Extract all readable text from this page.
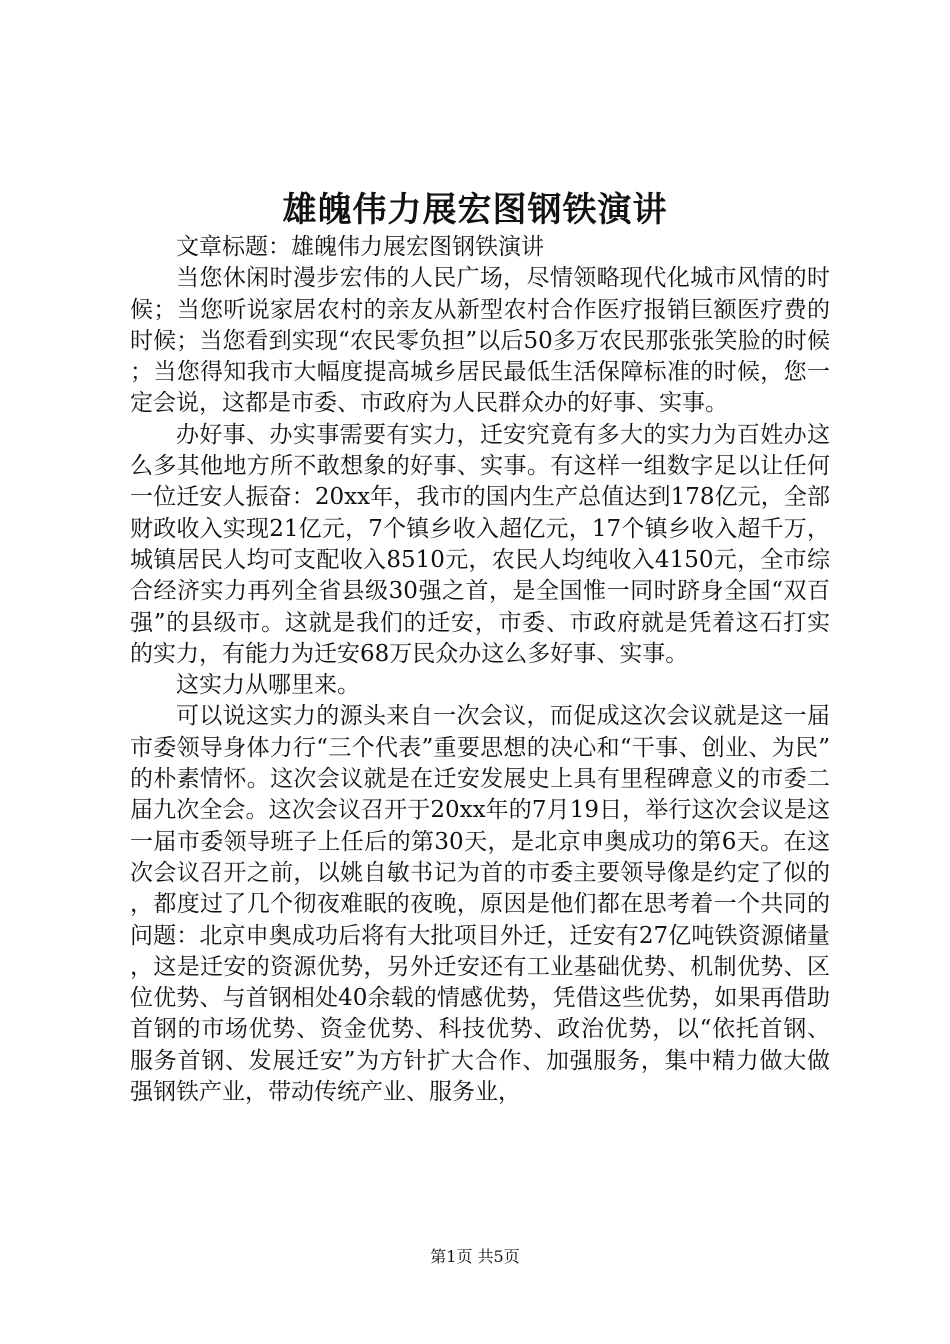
雄魄伟力展宏图钢铁演讲

文章标题：雄魄伟力展宏图钢铁演讲

当您休闲时漫步宏伟的人民广场，尽情领略现代化城市风情的时候；当您听说家居农村的亲友从新型农村合作医疗报销巨额医疗费的时候；当您看到实现“农民零负担”以后50多万农民那张张笑脸的时候；当您得知我市大幅度提高城乡居民最低生活保障标准的时候，您一定会说，这都是市委、市政府为人民群众办的好事、实事。

办好事、办实事需要有实力，迁安究竟有多大的实力为百姓办这么多其他地方所不敢想象的好事、实事。有这样一组数字足以让任何一位迁安人振奋：20xx年，我市的国内生产总值达到178亿元，全部财政收入实现21亿元，7个镇乡收入超亿元，17个镇乡收入超千万，城镇居民人均可支配收入8510元，农民人均纯收入4150元，全市综合经济实力再列全省县级30强之首，是全国惟一同时跻身全国“双百强”的县级市。这就是我们的迁安，市委、市政府就是凭着这石打实的实力，有能力为迁安68万民众办这么多好事、实事。

这实力从哪里来。

可以说这实力的源头来自一次会议，而促成这次会议就是这一届市委领导身体力行“三个代表”重要思想的决心和“干事、创业、为民”的朴素情怀。这次会议就是在迁安发展史上具有里程碑意义的市委二届九次全会。这次会议召开于20xx年的7月19日，举行这次会议是这一届市委领导班子上任后的第30天，是北京申奥成功的第6天。在这次会议召开之前，以姚自敏书记为首的市委主要领导像是约定了似的，都度过了几个彻夜难眠的夜晚，原因是他们都在思考着一个共同的问题：北京申奥成功后将有大批项目外迁，迁安有27亿吨铁资源储量，这是迁安的资源优势，另外迁安还有工业基础优势、机制优势、区位优势、与首钢相处40余载的情感优势，凭借这些优势，如果再借助首钢的市场优势、资金优势、科技优势、政治优势，以“依托首钢、服务首钢、发展迁安”为方针扩大合作、加强服务，集中精力做大做强钢铁产业，带动传统产业、服务业，

第1页 共5页
